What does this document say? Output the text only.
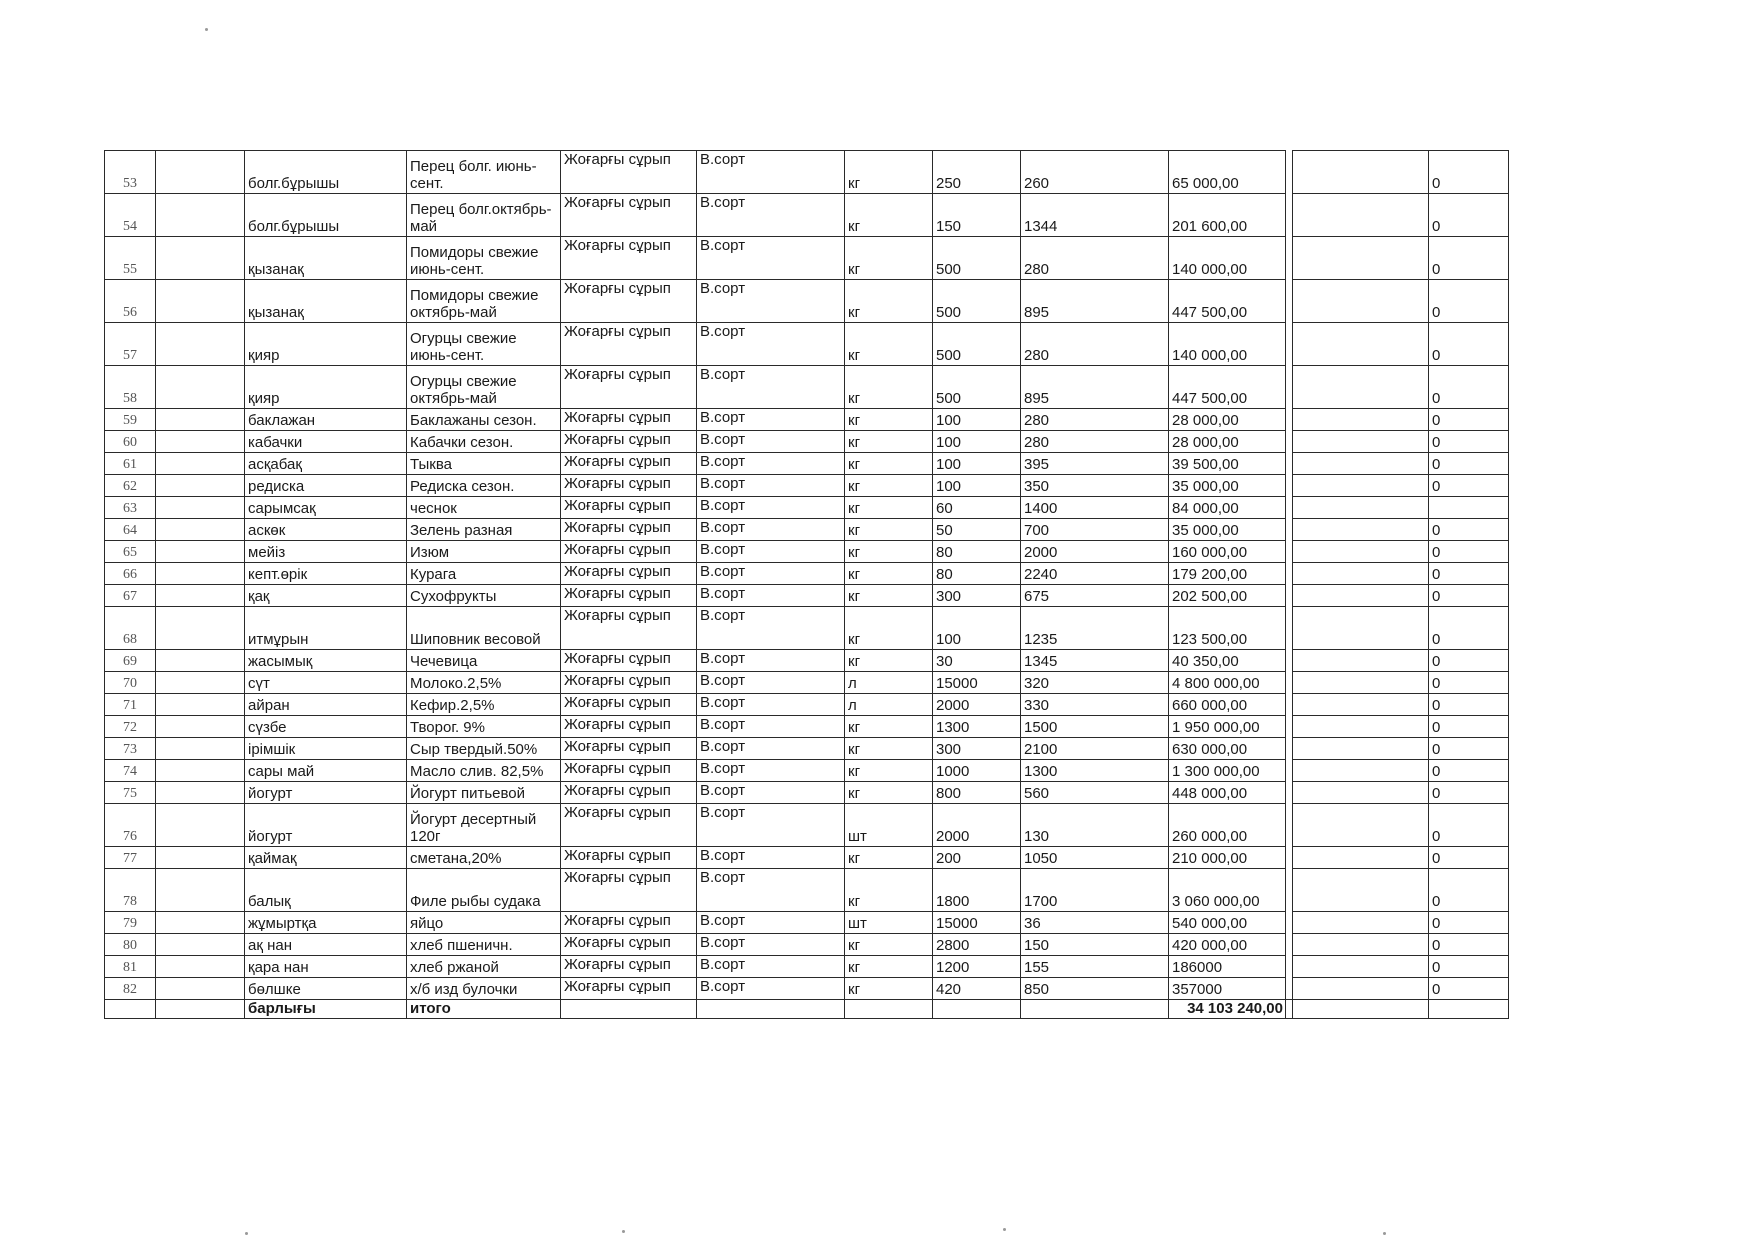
53		болг.бұрышы	Перец болг. июнь-сент.	Жоғарғы сұрып	В.сорт	кг	250	260	65 000,00			0
54		болг.бұрышы	Перец болг.октябрь-май	Жоғарғы сұрып	В.сорт	кг	150	1344	201 600,00			0
55		қызанақ	Помидоры свежие июнь-сент.	Жоғарғы сұрып	В.сорт	кг	500	280	140 000,00			0
56		қызанақ	Помидоры свежие октябрь-май	Жоғарғы сұрып	В.сорт	кг	500	895	447 500,00			0
57		қияр	Огурцы свежие июнь-сент.	Жоғарғы сұрып	В.сорт	кг	500	280	140 000,00			0
58		қияр	Огурцы свежие октябрь-май	Жоғарғы сұрып	В.сорт	кг	500	895	447 500,00			0
59		баклажан	Баклажаны сезон.	Жоғарғы сұрып	В.сорт	кг	100	280	28 000,00			0
60		кабачки	Кабачки сезон.	Жоғарғы сұрып	В.сорт	кг	100	280	28 000,00			0
61		асқабақ	Тыква	Жоғарғы сұрып	В.сорт	кг	100	395	39 500,00			0
62		редиска	Редиска сезон.	Жоғарғы сұрып	В.сорт	кг	100	350	35 000,00			0
63		сарымсақ	чеснок	Жоғарғы сұрып	В.сорт	кг	60	1400	84 000,00			
64		аскөк	Зелень разная	Жоғарғы сұрып	В.сорт	кг	50	700	35 000,00			0
65		мейіз	Изюм	Жоғарғы сұрып	В.сорт	кг	80	2000	160 000,00			0
66		кепт.өрік	Курага	Жоғарғы сұрып	В.сорт	кг	80	2240	179 200,00			0
67		қақ	Сухофрукты	Жоғарғы сұрып	В.сорт	кг	300	675	202 500,00			0
68		итмұрын	Шиповник весовой	Жоғарғы сұрып	В.сорт	кг	100	1235	123 500,00			0
69		жасымық	Чечевица	Жоғарғы сұрып	В.сорт	кг	30	1345	40 350,00			0
70		сүт	Молоко.2,5%	Жоғарғы сұрып	В.сорт	л	15000	320	4 800 000,00			0
71		айран	Кефир.2,5%	Жоғарғы сұрып	В.сорт	л	2000	330	660 000,00			0
72		сүзбе	Творог. 9%	Жоғарғы сұрып	В.сорт	кг	1300	1500	1 950 000,00			0
73		ірімшік	Сыр твердый.50%	Жоғарғы сұрып	В.сорт	кг	300	2100	630 000,00			0
74		сары май	Масло слив. 82,5%	Жоғарғы сұрып	В.сорт	кг	1000	1300	1 300 000,00			0
75		йогурт	Йогурт питьевой	Жоғарғы сұрып	В.сорт	кг	800	560	448 000,00			0
76		йогурт	Йогурт десертный 120г	Жоғарғы сұрып	В.сорт	шт	2000	130	260 000,00			0
77		қаймақ	сметана,20%	Жоғарғы сұрып	В.сорт	кг	200	1050	210 000,00			0
78		балық	Филе рыбы судака	Жоғарғы сұрып	В.сорт	кг	1800	1700	3 060 000,00			0
79		жұмыртқа	яйцо	Жоғарғы сұрып	В.сорт	шт	15000	36	540 000,00			0
80		ақ нан	хлеб пшеничн.	Жоғарғы сұрып	В.сорт	кг	2800	150	420 000,00			0
81		қара нан	хлеб ржаной	Жоғарғы сұрып	В.сорт	кг	1200	155	186000			0
82		бөлшке	х/б изд булочки	Жоғарғы сұрып	В.сорт	кг	420	850	357000			0
		барлығы	итого						34 103 240,00			
